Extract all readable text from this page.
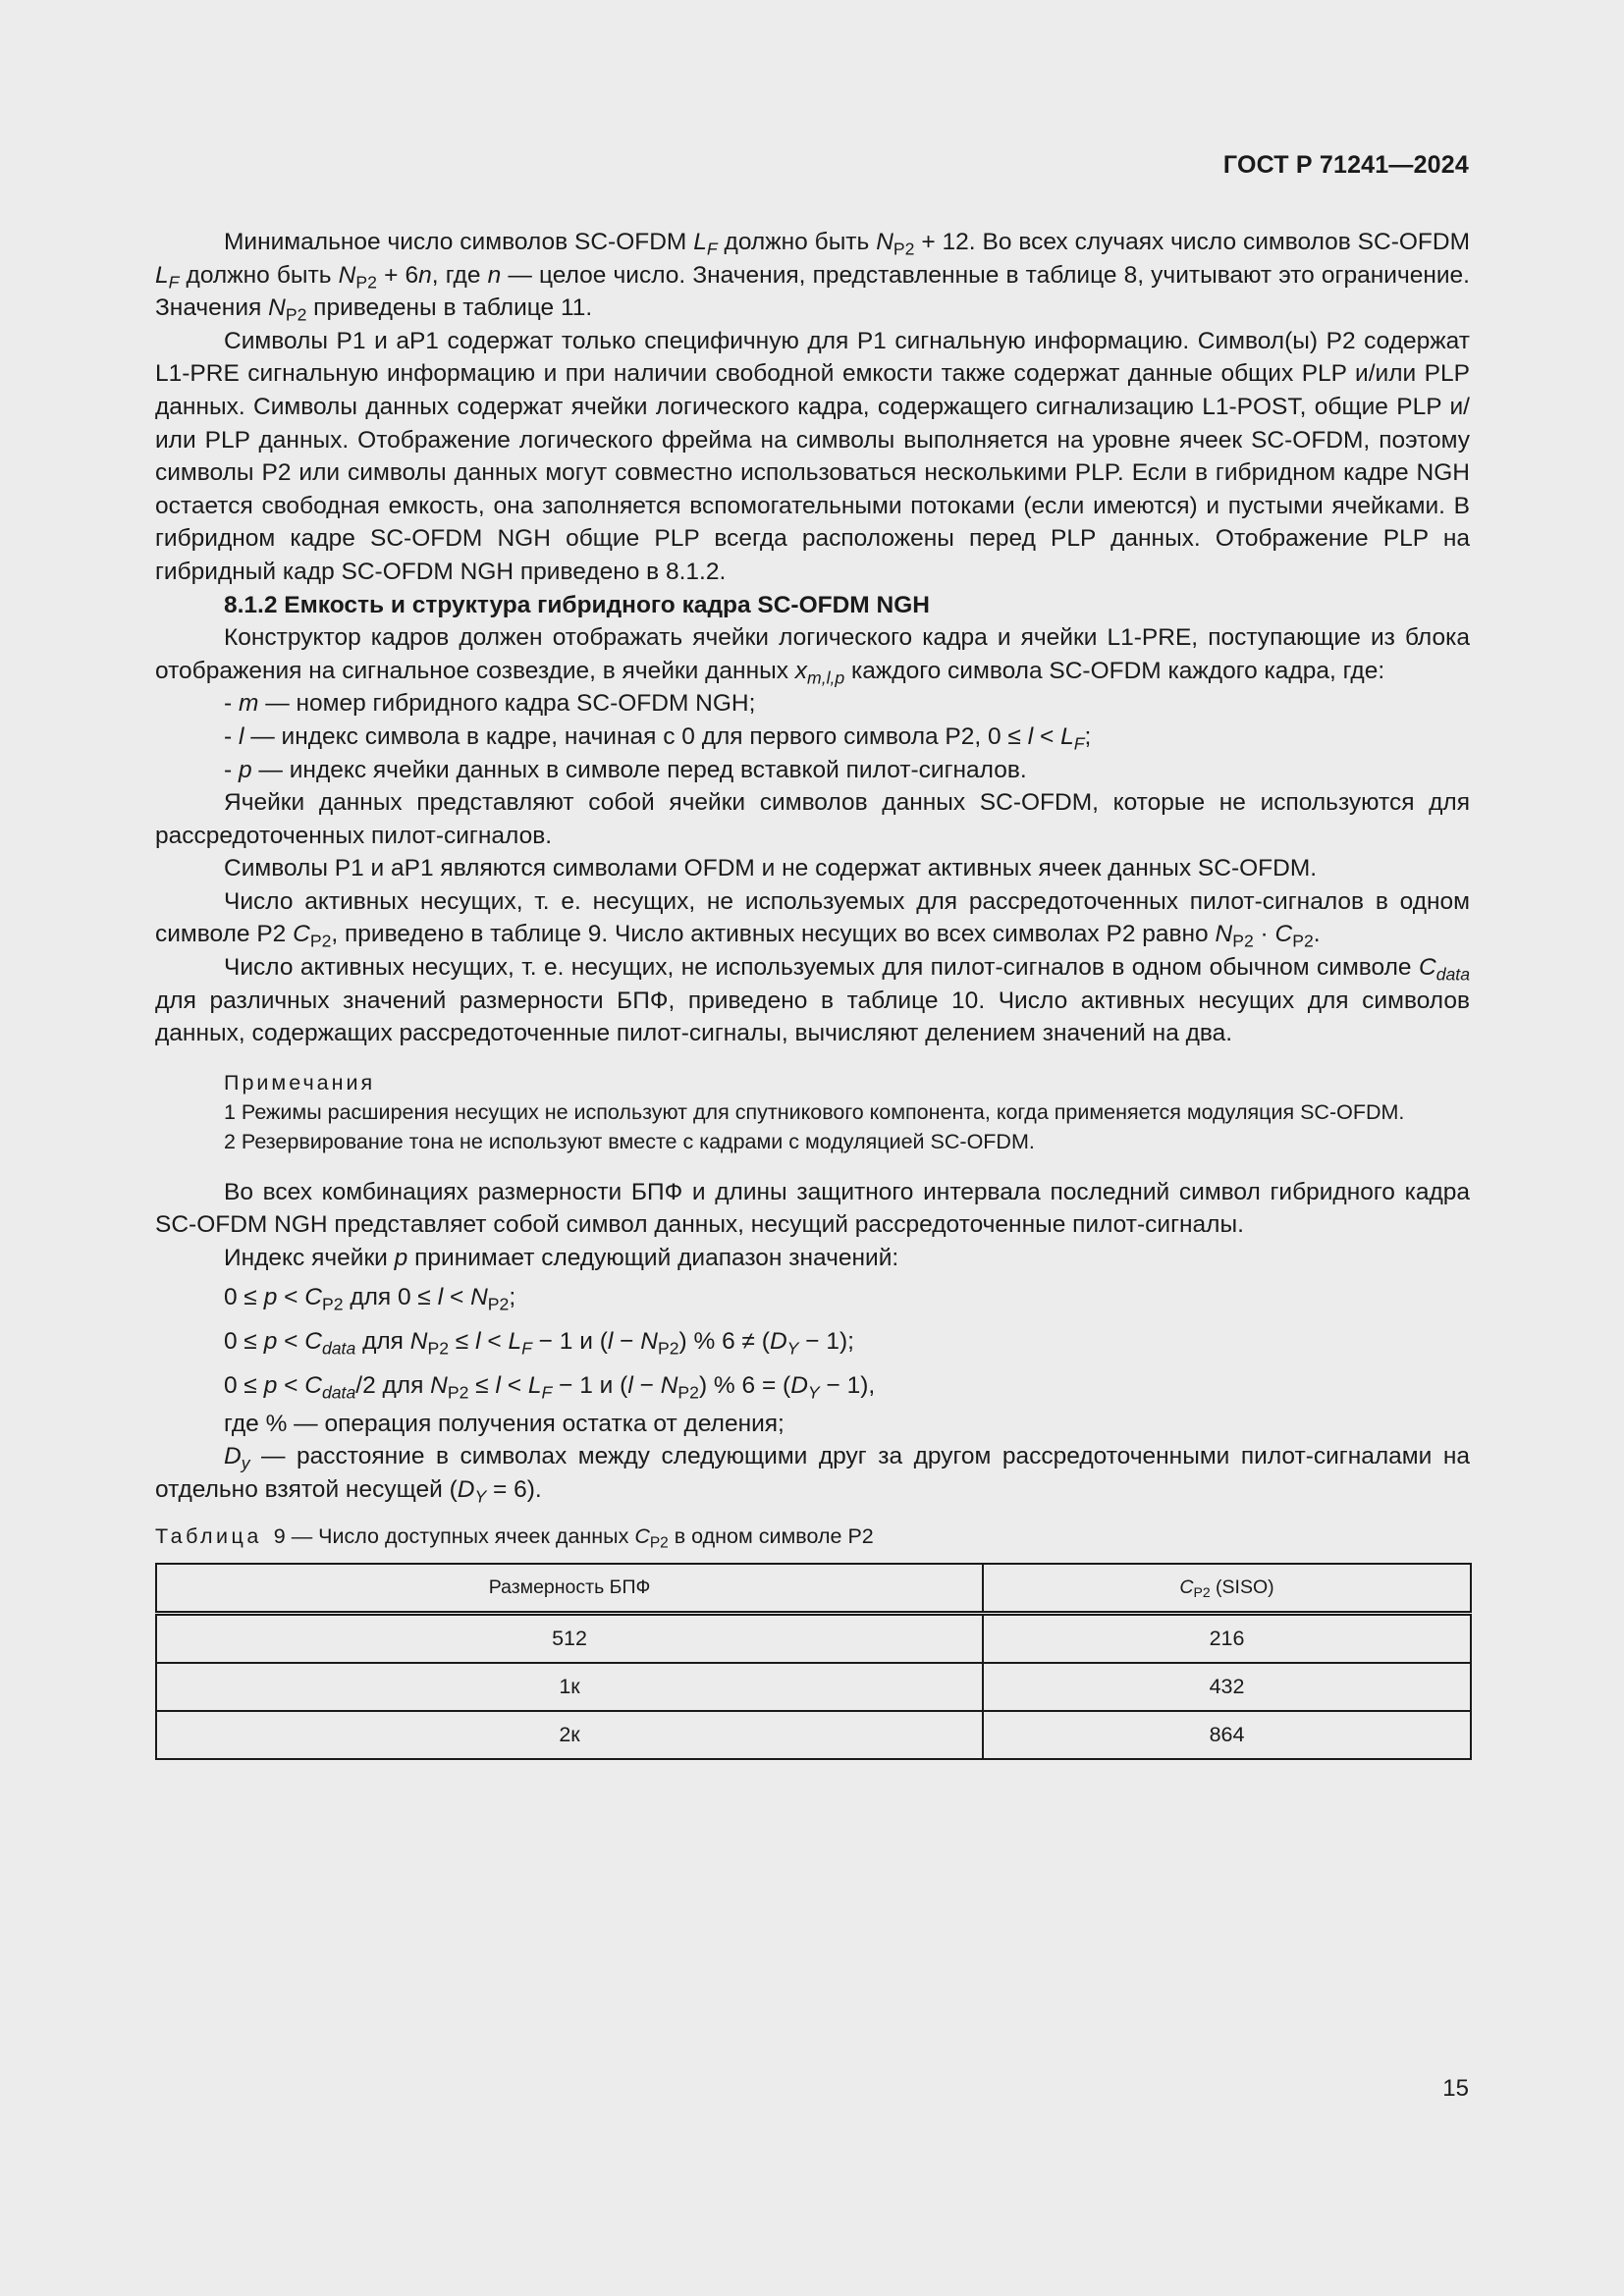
ГОСТ Р 71241—2024

Минимальное число символов SC-OFDM $L_F$ должно быть $N_{P2} + 12$. Во всех случаях число символов SC-OFDM $L_F$ должно быть $N_{P2} + 6n$, где n — целое число. Значения, представленные в таблице 8, учитывают это ограничение. Значения $N_{P2}$ приведены в таблице 11.

Символы P1 и aP1 содержат только специфичную для P1 сигнальную информацию. Символ(ы) P2 содержат L1-PRE сигнальную информацию и при наличии свободной емкости также содержат данные общих PLP и/или PLP данных. Символы данных содержат ячейки логического кадра, содержащего сигнализацию L1-POST, общие PLP и/или PLP данных. Отображение логического фрейма на символы выполняется на уровне ячеек SC-OFDM, поэтому символы P2 или символы данных могут совместно использоваться несколькими PLP. Если в гибридном кадре NGH остается свободная емкость, она заполняется вспомогательными потоками (если имеются) и пустыми ячейками. В гибридном кадре SC-OFDM NGH общие PLP всегда расположены перед PLP данных. Отображение PLP на гибридный кадр SC-OFDM NGH приведено в 8.1.2.

8.1.2 Емкость и структура гибридного кадра SC-OFDM NGH

Конструктор кадров должен отображать ячейки логического кадра и ячейки L1-PRE, поступающие из блока отображения на сигнальное созвездие, в ячейки данных $x_{m,l,p}$ каждого символа SC-OFDM каждого кадра, где:

- m — номер гибридного кадра SC-OFDM NGH;

- l — индекс символа в кадре, начиная с 0 для первого символа P2, $0 \le l < L_F$;

- p — индекс ячейки данных в символе перед вставкой пилот-сигналов.

Ячейки данных представляют собой ячейки символов данных SC-OFDM, которые не используются для рассредоточенных пилот-сигналов.

Символы P1 и aP1 являются символами OFDM и не содержат активных ячеек данных SC-OFDM.

Число активных несущих, т. е. несущих, не используемых для рассредоточенных пилот-сигналов в одном символе P2 $C_{P2}$, приведено в таблице 9. Число активных несущих во всех символах P2 равно $N_{P2} \cdot C_{P2}$.

Число активных несущих, т. е. несущих, не используемых для пилот-сигналов в одном обычном символе $C_{data}$ для различных значений размерности БПФ, приведено в таблице 10. Число активных несущих для символов данных, содержащих рассредоточенные пилот-сигналы, вычисляют делением значений на два.

Примечания

1 Режимы расширения несущих не используют для спутникового компонента, когда применяется модуляция SC-OFDM.

2 Резервирование тона не используют вместе с кадрами с модуляцией SC-OFDM.

Во всех комбинациях размерности БПФ и длины защитного интервала последний символ гибридного кадра SC-OFDM NGH представляет собой символ данных, несущий рассредоточенные пилот-сигналы.

Индекс ячейки p принимает следующий диапазон значений:

$0 \le p < C_{P2}$ для $0 \le l < N_{P2}$;

$0 \le p < C_{data}$ для $N_{P2} \le l < L_F - 1$ и $(l - N_{P2})$ % $6 \ne (D_Y - 1)$;

$0 \le p < C_{data}/2$ для $N_{P2} \le l < L_F - 1$ и $(l - N_{P2})$ % $6 = (D_Y - 1)$,

где % — операция получения остатка от деления;

$D_y$ — расстояние в символах между следующими друг за другом рассредоточенными пилот-сигналами на отдельно взятой несущей $(D_Y = 6)$.

Таблица 9 — Число доступных ячеек данных $C_{P2}$ в одном символе P2
Размерность БПФ	$C_{P2}$ (SISO)
512	216
1к	432
2к	864
15
